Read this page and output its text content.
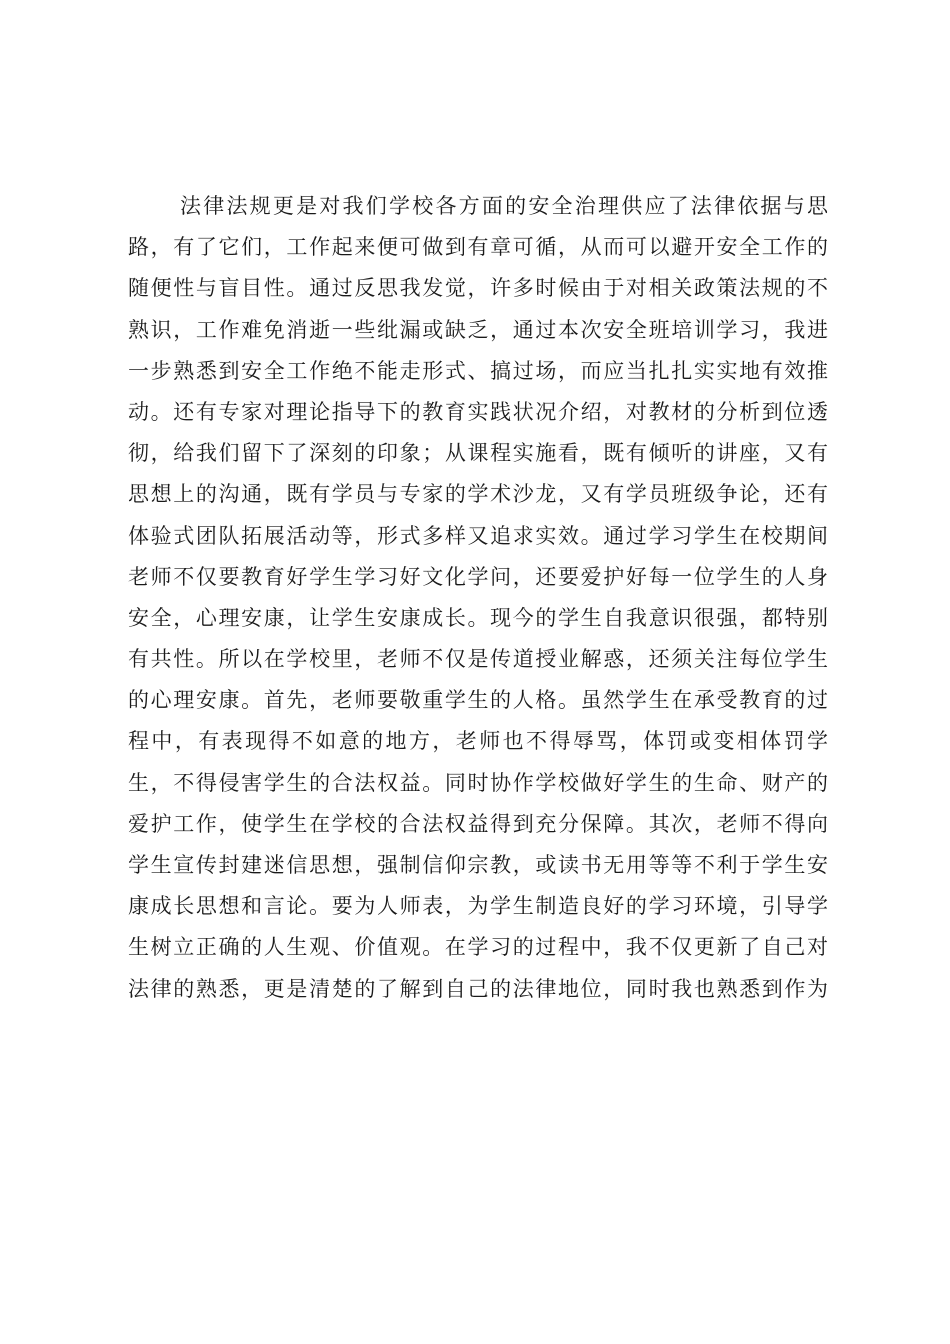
法律法规更是对我们学校各方面的安全治理供应了法律依据与思
路，有了它们，工作起来便可做到有章可循，从而可以避开安全工作的
随便性与盲目性。通过反思我发觉，许多时候由于对相关政策法规的不
熟识，工作难免消逝一些纰漏或缺乏，通过本次安全班培训学习，我进
一步熟悉到安全工作绝不能走形式、搞过场，而应当扎扎实实地有效推
动。还有专家对理论指导下的教育实践状况介绍，对教材的分析到位透
彻，给我们留下了深刻的印象；从课程实施看，既有倾听的讲座，又有
思想上的沟通，既有学员与专家的学术沙龙，又有学员班级争论，还有
体验式团队拓展活动等，形式多样又追求实效。通过学习学生在校期间
老师不仅要教育好学生学习好文化学问，还要爱护好每一位学生的人身
安全，心理安康，让学生安康成长。现今的学生自我意识很强，都特别
有共性。所以在学校里，老师不仅是传道授业解惑，还须关注每位学生
的心理安康。首先，老师要敬重学生的人格。虽然学生在承受教育的过
程中，有表现得不如意的地方，老师也不得辱骂，体罚或变相体罚学
生，不得侵害学生的合法权益。同时协作学校做好学生的生命、财产的
爱护工作，使学生在学校的合法权益得到充分保障。其次，老师不得向
学生宣传封建迷信思想，强制信仰宗教，或读书无用等等不利于学生安
康成长思想和言论。要为人师表，为学生制造良好的学习环境，引导学
生树立正确的人生观、价值观。在学习的过程中，我不仅更新了自己对
法律的熟悉，更是清楚的了解到自己的法律地位，同时我也熟悉到作为
